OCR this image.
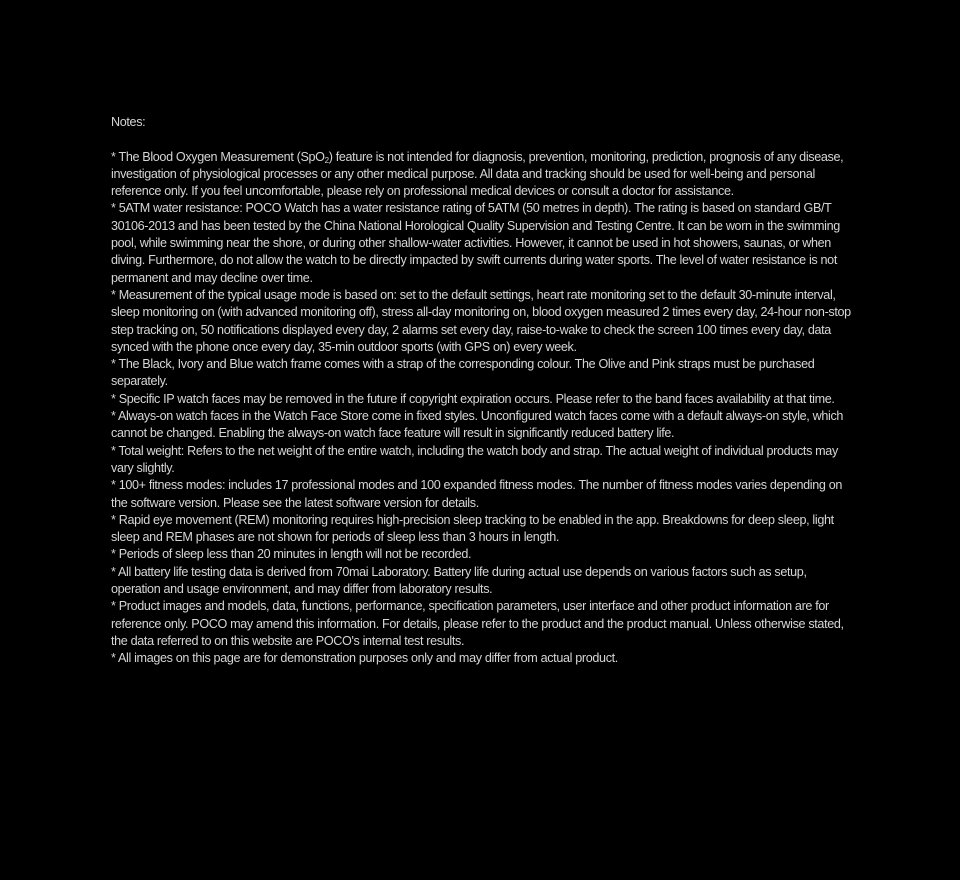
Notes:

* The Blood Oxygen Measurement (SpO$_2$) feature is not intended for diagnosis, prevention, monitoring, prediction, prognosis of any disease, investigation of physiological processes or any other medical purpose. All data and tracking should be used for well-being and personal reference only. If you feel uncomfortable, please rely on professional medical devices or consult a doctor for assistance.

* 5ATM water resistance: POCO Watch has a water resistance rating of 5ATM (50 metres in depth). The rating is based on standard GB/T 30106-2013 and has been tested by the China National Horological Quality Supervision and Testing Centre. It can be worn in the swimming pool, while swimming near the shore, or during other shallow-water activities. However, it cannot be used in hot showers, saunas, or when diving. Furthermore, do not allow the watch to be directly impacted by swift currents during water sports. The level of water resistance is not permanent and may decline over time.

* Measurement of the typical usage mode is based on: set to the default settings, heart rate monitoring set to the default 30-minute interval, sleep monitoring on (with advanced monitoring off), stress all-day monitoring on, blood oxygen measured 2 times every day, 24-hour non-stop step tracking on, 50 notifications displayed every day, 2 alarms set every day, raise-to-wake to check the screen 100 times every day, data synced with the phone once every day, 35-min outdoor sports (with GPS on) every week.

* The Black, Ivory and Blue watch frame comes with a strap of the corresponding colour. The Olive and Pink straps must be purchased separately.

* Specific IP watch faces may be removed in the future if copyright expiration occurs. Please refer to the band faces availability at that time.

* Always-on watch faces in the Watch Face Store come in fixed styles. Unconfigured watch faces come with a default always-on style, which cannot be changed. Enabling the always-on watch face feature will result in significantly reduced battery life.

* Total weight: Refers to the net weight of the entire watch, including the watch body and strap. The actual weight of individual products may vary slightly.

* 100+ fitness modes: includes 17 professional modes and 100 expanded fitness modes. The number of fitness modes varies depending on the software version. Please see the latest software version for details.

* Rapid eye movement (REM) monitoring requires high-precision sleep tracking to be enabled in the app. Breakdowns for deep sleep, light sleep and REM phases are not shown for periods of sleep less than 3 hours in length.

* Periods of sleep less than 20 minutes in length will not be recorded.

* All battery life testing data is derived from 70mai Laboratory. Battery life during actual use depends on various factors such as setup, operation and usage environment, and may differ from laboratory results.

* Product images and models, data, functions, performance, specification parameters, user interface and other product information are for reference only. POCO may amend this information. For details, please refer to the product and the product manual. Unless otherwise stated, the data referred to on this website are POCO's internal test results.

* All images on this page are for demonstration purposes only and may differ from actual product.
